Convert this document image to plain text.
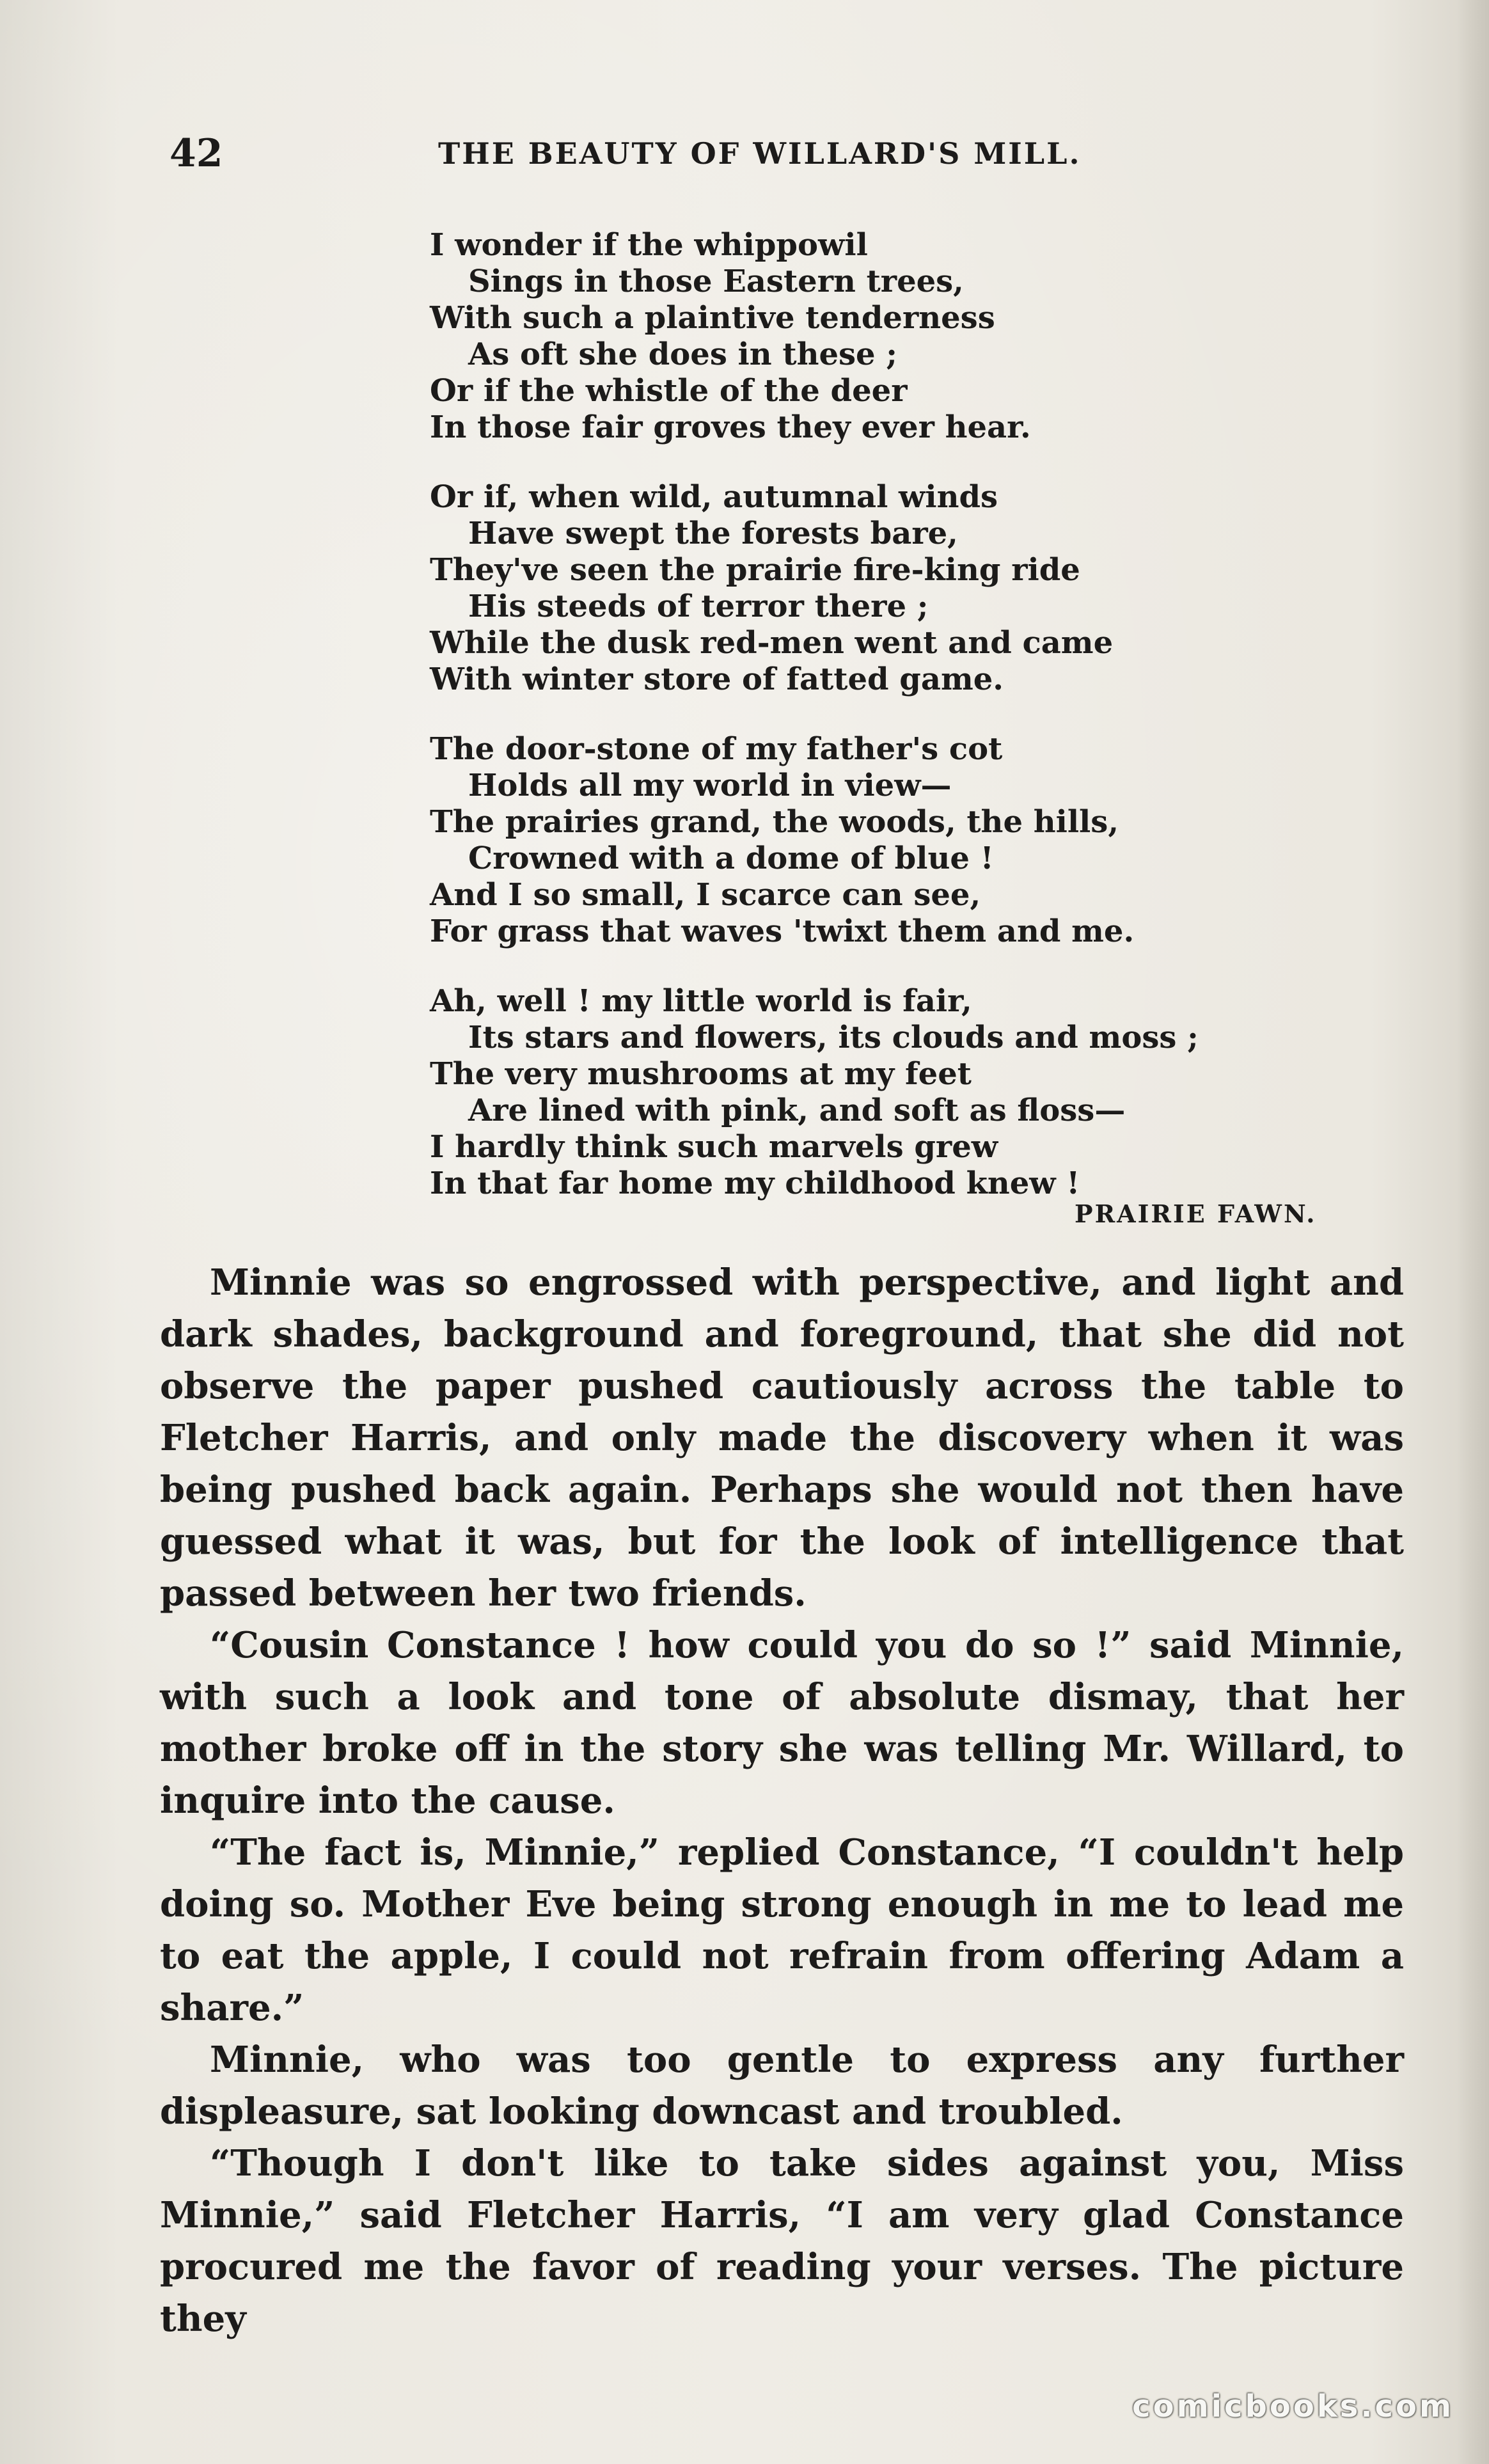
42	THE BEAUTY OF WILLARD'S MILL.
I wonder if the whippowil
Sings in those Eastern trees,
With such a plaintive tenderness
As oft she does in these ;
Or if the whistle of the deer
In those fair groves they ever hear.
Or if, when wild, autumnal winds
Have swept the forests bare,
They've seen the prairie fire-king ride
His steeds of terror there ;
While the dusk red-men went and came
With winter store of fatted game.
The door-stone of my father's cot
Holds all my world in view—
The prairies grand, the woods, the hills,
Crowned with a dome of blue !
And I so small, I scarce can see,
For grass that waves 'twixt them and me.
Ah, well ! my little world is fair,
Its stars and flowers, its clouds and moss ;
The very mushrooms at my feet
Are lined with pink, and soft as floss—
I hardly think such marvels grew
In that far home my childhood knew !
PRAIRIE FAWN.

Minnie was so engrossed with perspective, and light and dark shades, background and foreground, that she did not observe the paper pushed cautiously across the table to Fletcher Harris, and only made the discovery when it was being pushed back again. Perhaps she would not then have guessed what it was, but for the look of intelligence that passed between her two friends.

“Cousin Constance ! how could you do so !” said Minnie, with such a look and tone of absolute dismay, that her mother broke off in the story she was telling Mr. Willard, to inquire into the cause.

“The fact is, Minnie,” replied Constance, “I couldn't help doing so. Mother Eve being strong enough in me to lead me to eat the apple, I could not refrain from offering Adam a share.”

Minnie, who was too gentle to express any further displeasure, sat looking downcast and troubled.

“Though I don't like to take sides against you, Miss Minnie,” said Fletcher Harris, “I am very glad Constance procured me the favor of reading your verses. The picture they

comicbooks.com
